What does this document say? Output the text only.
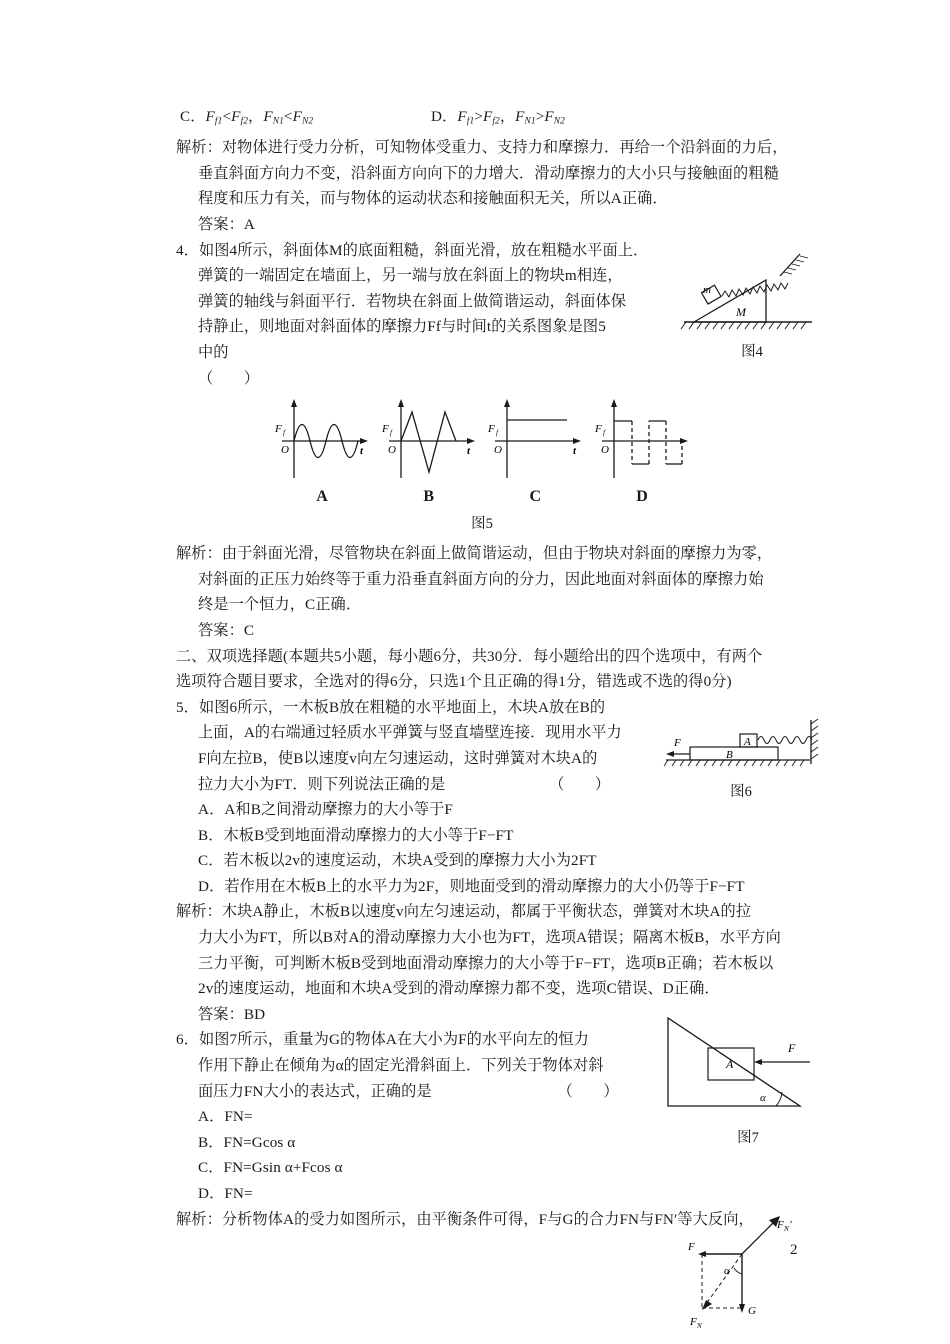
C．$F_{f1}<F_{f2}$，$F_{N1}<F_{N2}$	D．$F_{f1}>F_{f2}$，$F_{N1}>F_{N2}$
解析：对物体进行受力分析，可知物体受重力、支持力和摩擦力．再给一个沿斜面的力后，
垂直斜面方向力不变，沿斜面方向向下的力增大．滑动摩擦力的大小只与接触面的粗糙
程度和压力有关，而与物体的运动状态和接触面积无关，所以A正确．
答案：A
4．如图4所示，斜面体M的底面粗糙，斜面光滑，放在粗糙水平面上．
弹簧的一端固定在墙面上，另一端与放在斜面上的物块m相连，
弹簧的轴线与斜面平行．若物块在斜面上做简谐运动，斜面体保
持静止，则地面对斜面体的摩擦力Ff与时间t的关系图象是图5
中的
（　　）
解析：由于斜面光滑，尽管物块在斜面上做简谐运动，但由于物块对斜面的摩擦力为零，
对斜面的正压力始终等于重力沿垂直斜面方向的分力，因此地面对斜面体的摩擦力始
终是一个恒力，C正确．
答案：C
二、双项选择题(本题共5小题，每小题6分，共30分．每小题给出的四个选项中，有两个
选项符合题目要求，全选对的得6分，只选1个且正确的得1分，错选或不选的得0分)
5．如图6所示，一木板B放在粗糙的水平地面上，木块A放在B的
上面，A的右端通过轻质水平弹簧与竖直墙壁连接．现用水平力
F向左拉B，使B以速度v向左匀速运动，这时弹簧对木块A的
拉力大小为FT．则下列说法正确的是	（　　）
A．A和B之间滑动摩擦力的大小等于F
B．木板B受到地面滑动摩擦力的大小等于F−FT
C．若木板以2v的速度运动，木块A受到的摩擦力大小为2FT
D．若作用在木板B上的水平力为2F，则地面受到的滑动摩擦力的大小仍等于F−FT
解析：木块A静止，木板B以速度v向左匀速运动，都属于平衡状态，弹簧对木块A的拉
力大小为FT，所以B对A的滑动摩擦力大小也为FT，选项A错误；隔离木板B，水平方向
三力平衡，可判断木板B受到地面滑动摩擦力的大小等于F−FT，选项B正确；若木板以
2v的速度运动，地面和木块A受到的滑动摩擦力都不变，选项C错误、D正确．
答案：BD
6．如图7所示，重量为G的物体A在大小为F的水平向左的恒力
作用下静止在倾角为α的固定光滑斜面上．下列关于物体对斜
面压力FN大小的表达式，正确的是	（　　）
A．FN=
B．FN=Gcos α
C．FN=Gsin α+Fcos α
D．FN=
解析：分析物体A的受力如图所示，由平衡条件可得，F与G的合力FN与FN′等大反向，
m
M
图4
F f
O	t
A
F f
O	t
B
F f
O	t
C
F f
O
D
图5
B
A
F
图6
A
F
α
图7
F N ′
F
G
F N
α
2
